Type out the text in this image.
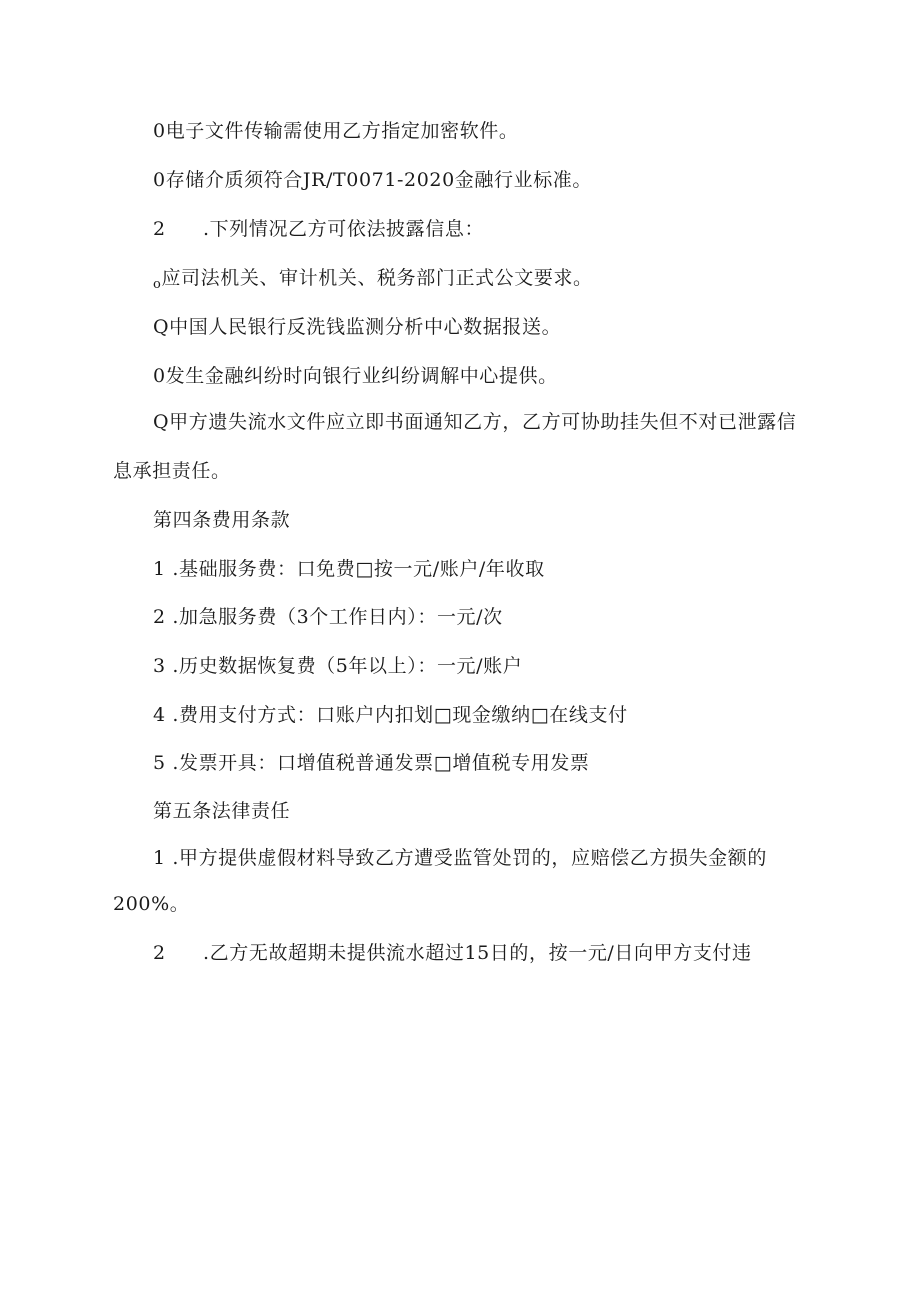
0电子文件传输需使用乙方指定加密软件。
0存储介质须符合JR/T0071-2020金融行业标准。
2 .下列情况乙方可依法披露信息：
$_o$应司法机关、审计机关、税务部门正式公文要求。
Q中国人民银行反洗钱监测分析中心数据报送。
0发生金融纠纷时向银行业纠纷调解中心提供。
Q甲方遗失流水文件应立即书面通知乙方，乙方可协助挂失但不对已泄露信
息承担责任。
第四条费用条款
1 .基础服务费：口免费□按一元/账户/年收取
2 .加急服务费（3个工作日内）：一元/次
3 .历史数据恢复费（5年以上）：一元/账户
4 .费用支付方式：口账户内扣划□现金缴纳□在线支付
5 .发票开具：口增值税普通发票□增值税专用发票
第五条法律责任
1 .甲方提供虚假材料导致乙方遭受监管处罚的，应赔偿乙方损失金额的
200%。
2 .乙方无故超期未提供流水超过15日的，按一元/日向甲方支付违
